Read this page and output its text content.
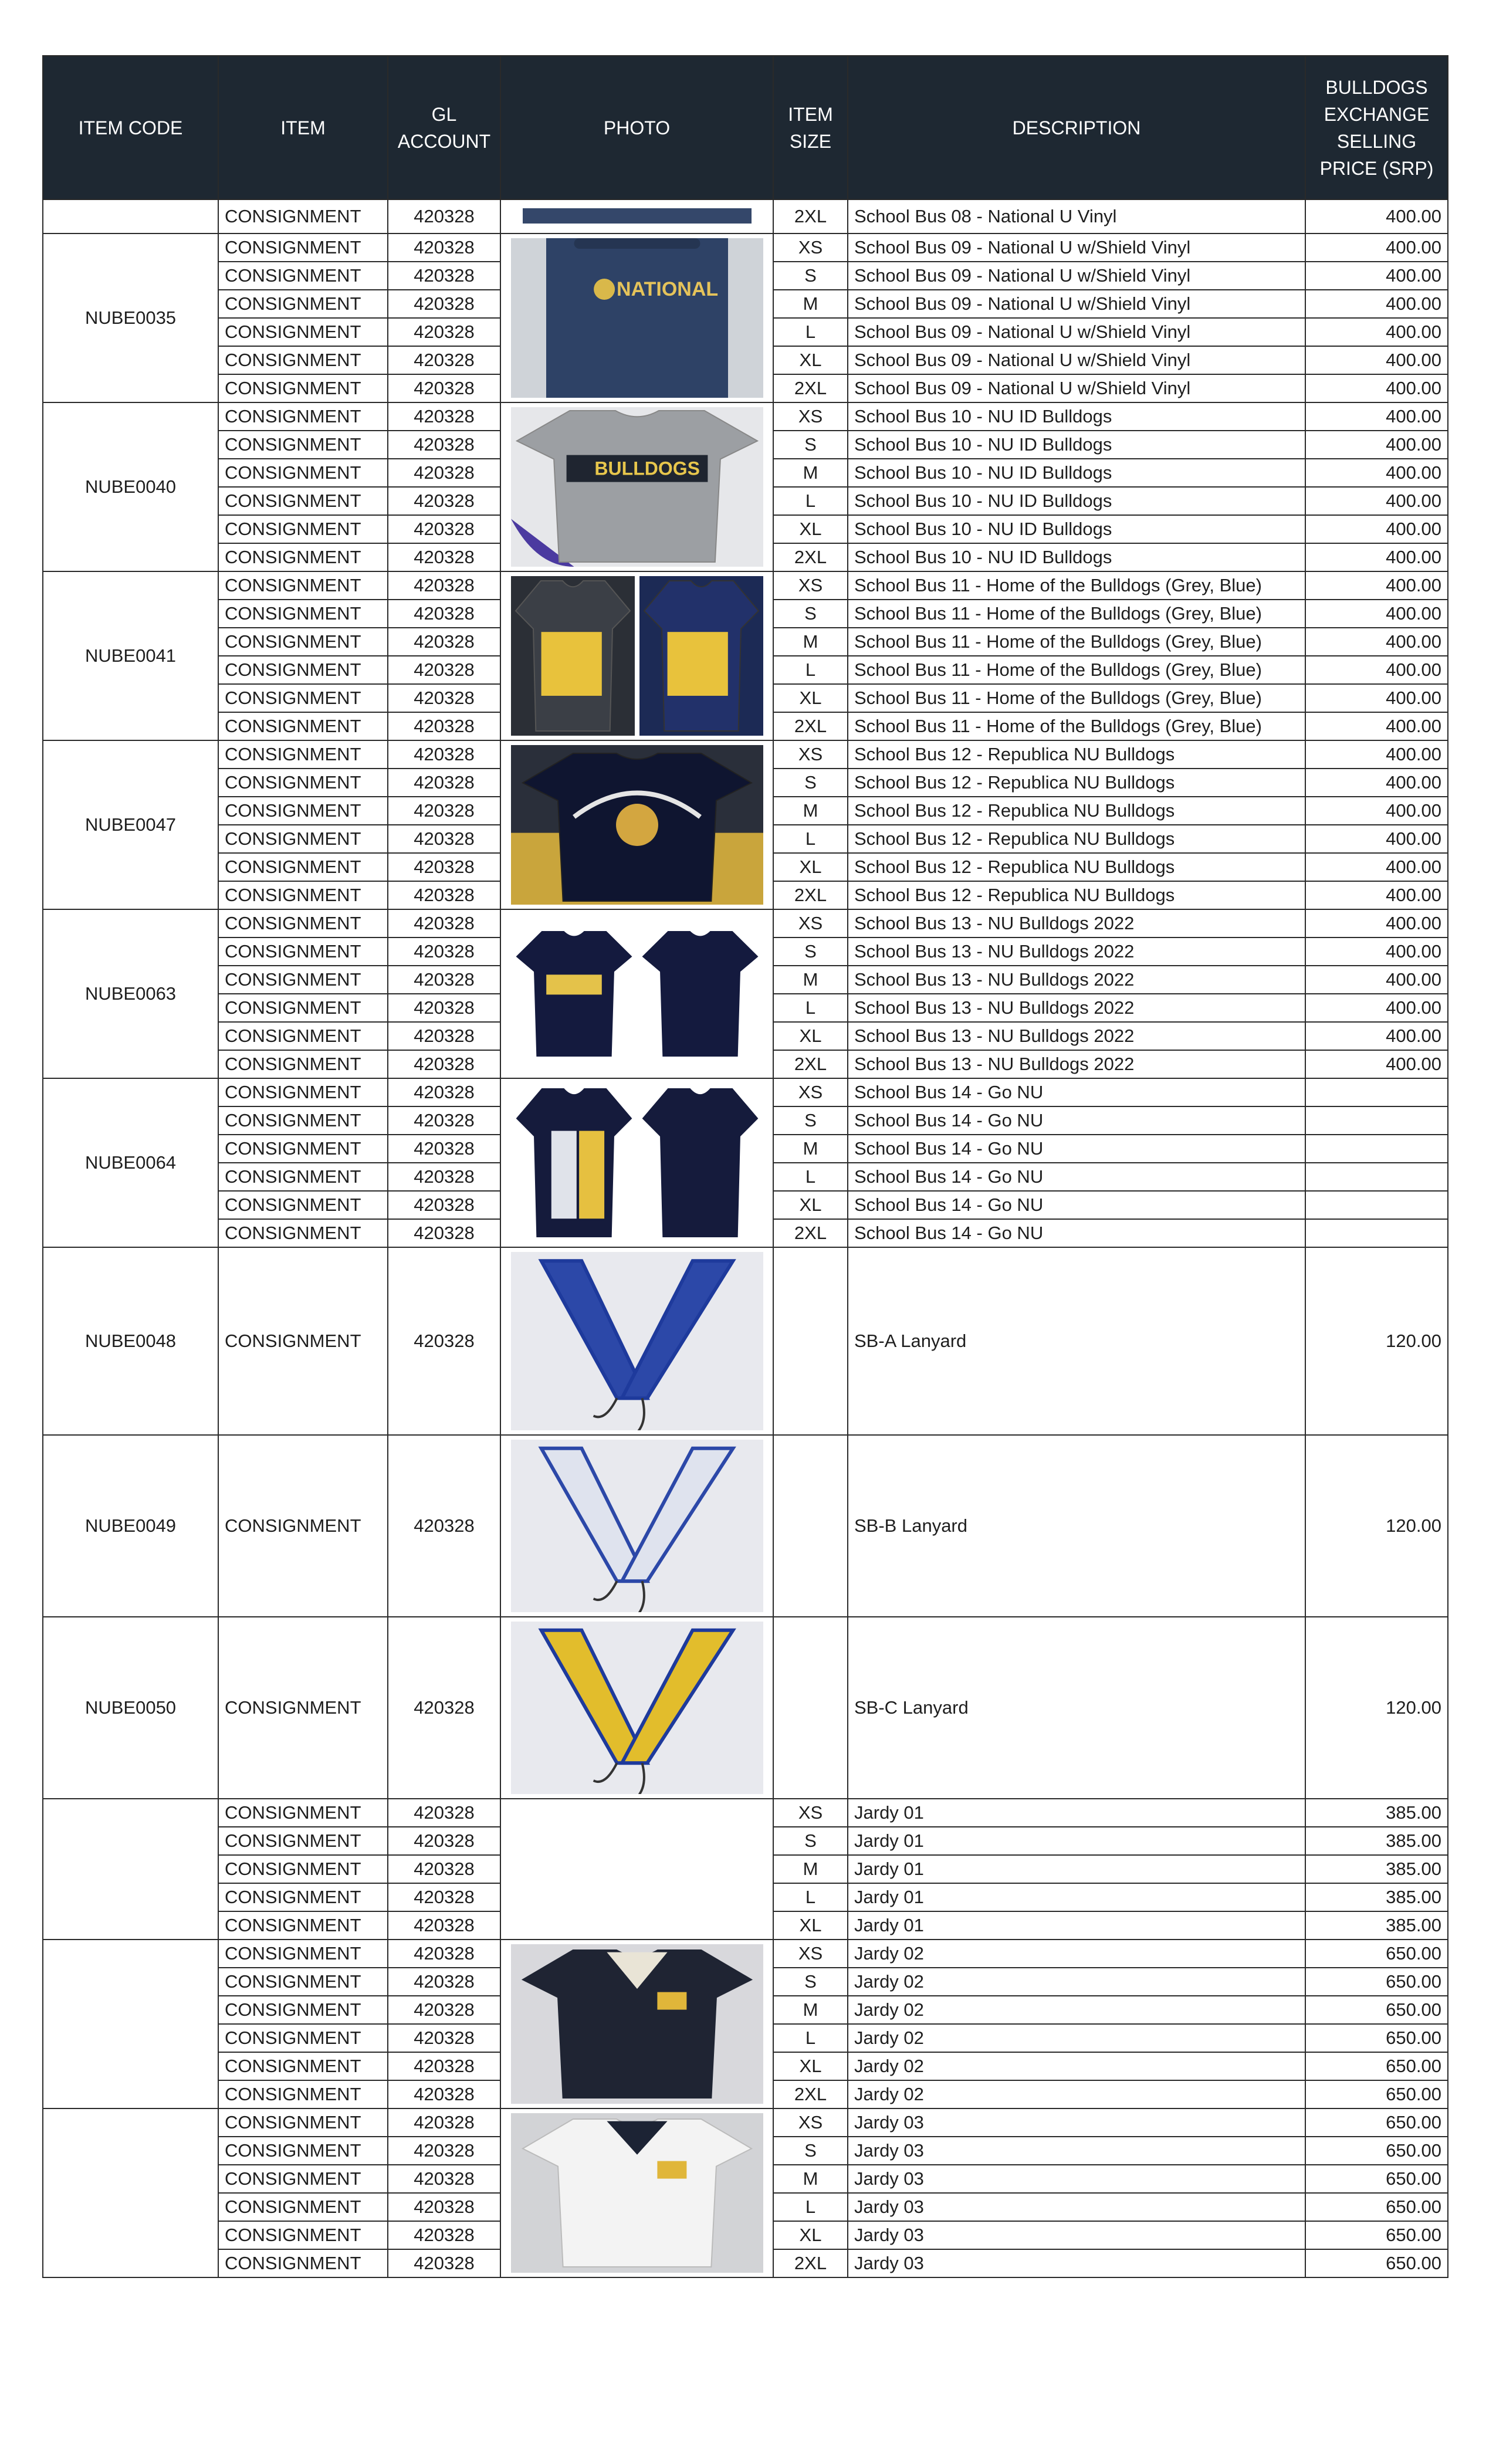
ITEM CODE	ITEM	GL ACCOUNT	PHOTO	ITEM SIZE	DESCRIPTION	BULLDOGS EXCHANGE SELLING PRICE (SRP)
	CONSIGNMENT	420328		2XL	School Bus 08 - National U Vinyl	400.00
NUBE0035	CONSIGNMENT	420328	NATIONAL	XS	School Bus 09 - National U w/Shield Vinyl	400.00
	CONSIGNMENT	420328		S	School Bus 09 - National U w/Shield Vinyl	400.00
	CONSIGNMENT	420328		M	School Bus 09 - National U w/Shield Vinyl	400.00
	CONSIGNMENT	420328		L	School Bus 09 - National U w/Shield Vinyl	400.00
	CONSIGNMENT	420328		XL	School Bus 09 - National U w/Shield Vinyl	400.00
	CONSIGNMENT	420328		2XL	School Bus 09 - National U w/Shield Vinyl	400.00
NUBE0040	CONSIGNMENT	420328	BULLDOGS	XS	School Bus 10 - NU ID Bulldogs	400.00
	CONSIGNMENT	420328		S	School Bus 10 - NU ID Bulldogs	400.00
	CONSIGNMENT	420328		M	School Bus 10 - NU ID Bulldogs	400.00
	CONSIGNMENT	420328		L	School Bus 10 - NU ID Bulldogs	400.00
	CONSIGNMENT	420328		XL	School Bus 10 - NU ID Bulldogs	400.00
	CONSIGNMENT	420328		2XL	School Bus 10 - NU ID Bulldogs	400.00
NUBE0041	CONSIGNMENT	420328		XS	School Bus 11 - Home of the Bulldogs (Grey, Blue)	400.00
	CONSIGNMENT	420328		S	School Bus 11 - Home of the Bulldogs (Grey, Blue)	400.00
	CONSIGNMENT	420328		M	School Bus 11 - Home of the Bulldogs (Grey, Blue)	400.00
	CONSIGNMENT	420328		L	School Bus 11 - Home of the Bulldogs (Grey, Blue)	400.00
	CONSIGNMENT	420328		XL	School Bus 11 - Home of the Bulldogs (Grey, Blue)	400.00
	CONSIGNMENT	420328		2XL	School Bus 11 - Home of the Bulldogs (Grey, Blue)	400.00
NUBE0047	CONSIGNMENT	420328		XS	School Bus 12 - Republica NU Bulldogs	400.00
	CONSIGNMENT	420328		S	School Bus 12 - Republica NU Bulldogs	400.00
	CONSIGNMENT	420328		M	School Bus 12 - Republica NU Bulldogs	400.00
	CONSIGNMENT	420328		L	School Bus 12 - Republica NU Bulldogs	400.00
	CONSIGNMENT	420328		XL	School Bus 12 - Republica NU Bulldogs	400.00
	CONSIGNMENT	420328		2XL	School Bus 12 - Republica NU Bulldogs	400.00
NUBE0063	CONSIGNMENT	420328		XS	School Bus 13 - NU Bulldogs 2022	400.00
	CONSIGNMENT	420328		S	School Bus 13 - NU Bulldogs 2022	400.00
	CONSIGNMENT	420328		M	School Bus 13 - NU Bulldogs 2022	400.00
	CONSIGNMENT	420328		L	School Bus 13 - NU Bulldogs 2022	400.00
	CONSIGNMENT	420328		XL	School Bus 13 - NU Bulldogs 2022	400.00
	CONSIGNMENT	420328		2XL	School Bus 13 - NU Bulldogs 2022	400.00
NUBE0064	CONSIGNMENT	420328		XS	School Bus 14 - Go NU	
	CONSIGNMENT	420328		S	School Bus 14 - Go NU	
	CONSIGNMENT	420328		M	School Bus 14 - Go NU	
	CONSIGNMENT	420328		L	School Bus 14 - Go NU	
	CONSIGNMENT	420328		XL	School Bus 14 - Go NU	
	CONSIGNMENT	420328		2XL	School Bus 14 - Go NU	
NUBE0048	CONSIGNMENT	420328			SB-A Lanyard	120.00
NUBE0049	CONSIGNMENT	420328			SB-B Lanyard	120.00
NUBE0050	CONSIGNMENT	420328			SB-C Lanyard	120.00
	CONSIGNMENT	420328		XS	Jardy 01	385.00
	CONSIGNMENT	420328		S	Jardy 01	385.00
	CONSIGNMENT	420328		M	Jardy 01	385.00
	CONSIGNMENT	420328		L	Jardy 01	385.00
	CONSIGNMENT	420328		XL	Jardy 01	385.00
	CONSIGNMENT	420328		XS	Jardy 02	650.00
	CONSIGNMENT	420328		S	Jardy 02	650.00
	CONSIGNMENT	420328		M	Jardy 02	650.00
	CONSIGNMENT	420328		L	Jardy 02	650.00
	CONSIGNMENT	420328		XL	Jardy 02	650.00
	CONSIGNMENT	420328		2XL	Jardy 02	650.00
	CONSIGNMENT	420328		XS	Jardy 03	650.00
	CONSIGNMENT	420328		S	Jardy 03	650.00
	CONSIGNMENT	420328		M	Jardy 03	650.00
	CONSIGNMENT	420328		L	Jardy 03	650.00
	CONSIGNMENT	420328		XL	Jardy 03	650.00
	CONSIGNMENT	420328		2XL	Jardy 03	650.00
